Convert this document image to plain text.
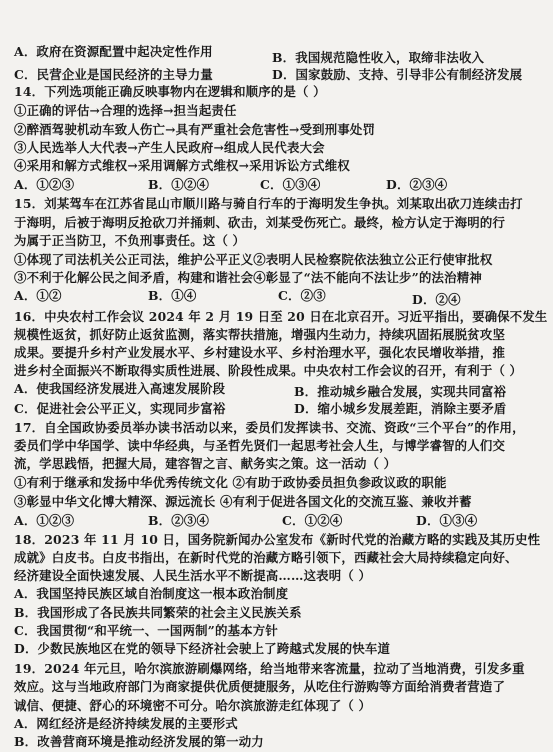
A．政府在资源配置中起决定性作用	B．我国规范隐性收入，取缔非法收入
C．民营企业是国民经济的主导力量	D．国家鼓励、支持、引导非公有制经济发展
14．下列选项能正确反映事物内在逻辑和顺序的是（ ）
①正确的评估→合理的选择→担当起责任
②醉酒驾驶机动车致人伤亡→具有严重社会危害性→受到刑事处罚
③人民选举人大代表→产生人民政府→组成人民代表大会
④采用和解方式维权→采用调解方式维权→采用诉讼方式维权
A．①②③	B．①②④	C．①③④	D．②③④
15．刘某驾车在江苏省昆山市顺川路与骑自行车的于海明发生争执。刘某取出砍刀连续击打
于海明，后被于海明反抢砍刀并捅刺、砍击，刘某受伤死亡。最终，检方认定于海明的行
为属于正当防卫，不负刑事责任。这（ ）
①体现了司法机关公正司法，维护公平正义②表明人民检察院依法独立公正行使审批权
③不利于化解公民之间矛盾，构建和谐社会④彰显了“法不能向不法让步”的法治精神
A．①②	B．①④	C．②③	D．②④
16．中央农村工作会议 2024 年 2 月 19 日至 20 日在北京召开。习近平指出，要确保不发生
规模性返贫，抓好防止返贫监测，落实帮扶措施，增强内生动力，持续巩固拓展脱贫攻坚
成果。要提升乡村产业发展水平、乡村建设水平、乡村治理水平，强化农民增收举措，推
进乡村全面振兴不断取得实质性进展、阶段性成果。中央农村工作会议的召开，有利于（ ）
A．使我国经济发展进入高速发展阶段	B．推动城乡融合发展，实现共同富裕
C．促进社会公平正义，实现同步富裕	D．缩小城乡发展差距，消除主要矛盾
17．自全国政协委员举办读书活动以来，委员们发挥读书、交流、资政“三个平台”的作用，
委员们学中华国学、读中华经典，与圣哲先贤们一起思考社会人生，与博学睿智的人们交
流，学思践悟，把握大局，建容智之言、献务实之策。这一活动（ ）
①有利于继承和发扬中华优秀传统文化 ②有助于政协委员担负参政议政的职能
③彰显中华文化博大精深、源远流长 ④有利于促进各国文化的交流互鉴、兼收并蓄
A．①②③	B．②③④	C．①②④	D．①③④
18．2023 年 11 月 10 日，国务院新闻办公室发布《新时代党的治藏方略的实践及其历史性
成就》白皮书。白皮书指出，在新时代党的治藏方略引领下，西藏社会大局持续稳定向好、
经济建设全面快速发展、人民生活水平不断提高……这表明（ ）
A．我国坚持民族区域自治制度这一根本政治制度
B．我国形成了各民族共同繁荣的社会主义民族关系
C．我国贯彻“和平统一、一国两制”的基本方针
D．少数民族地区在党的领导下经济社会驶上了跨越式发展的快车道
19．2024 年元旦，哈尔滨旅游刷爆网络，给当地带来客流量，拉动了当地消费，引发多重
效应。这与当地政府部门为商家提供优质便捷服务，从吃住行游购等方面给消费者营造了
诚信、便捷、舒心的环境密不可分。哈尔滨旅游走红体现了（ ）
A．网红经济是经济持续发展的主要形式
B．改善营商环境是推动经济发展的第一动力
